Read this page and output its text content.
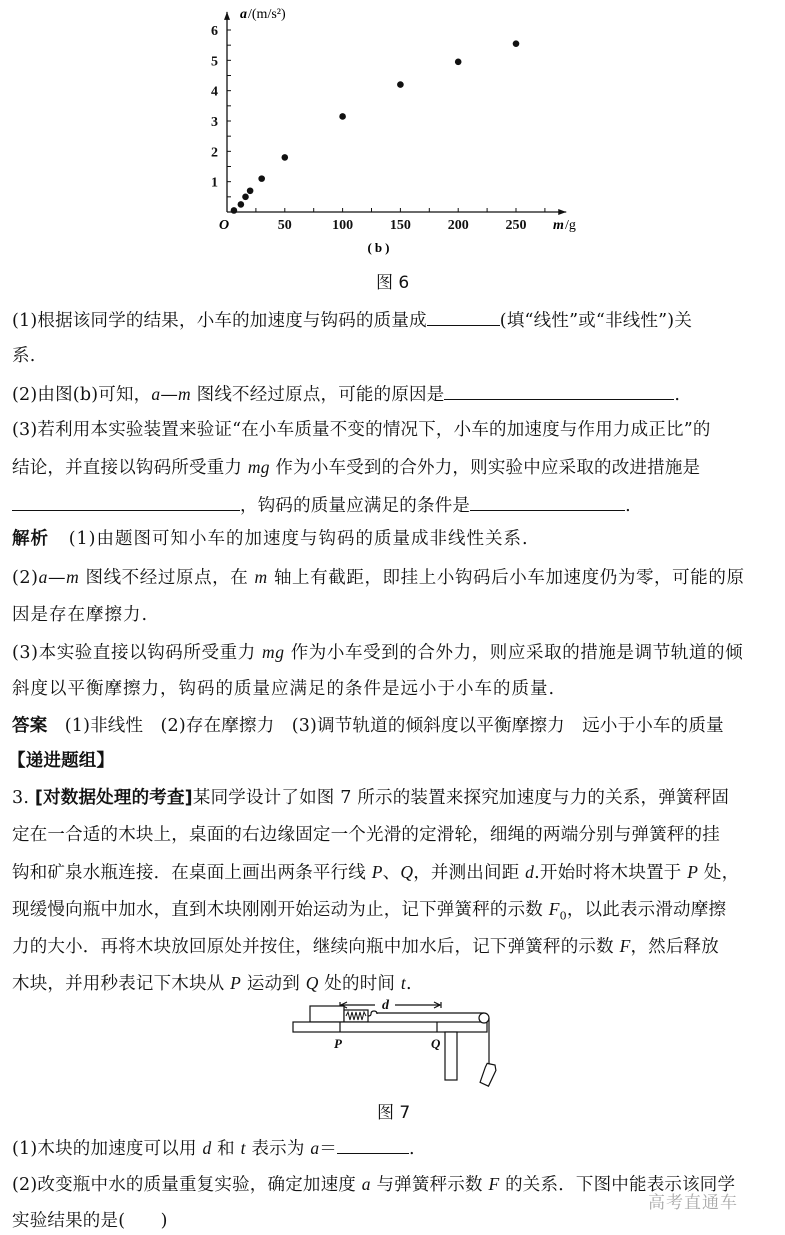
50	100	150	200	250
1
2
3
4
5
6
a /(m/s²)
m /g
O
(b)
图 6
(1)根据该同学的结果，小车的加速度与钩码的质量成	(填“线性”或“非线性”)关
系.
(2)由图(b)可知，a—m 图线不经过原点，可能的原因是	.
(3)若利用本实验装置来验证“在小车质量不变的情况下，小车的加速度与作用力成正比”的
结论，并直接以钩码所受重力 mg 作为小车受到的合外力，则实验中应采取的改进措施是
，钩码的质量应满足的条件是	.
解析 (1)由题图可知小车的加速度与钩码的质量成非线性关系.
(2)a—m 图线不经过原点，在 m 轴上有截距，即挂上小钩码后小车加速度仍为零，可能的原
因是存在摩擦力.
(3)本实验直接以钩码所受重力 mg 作为小车受到的合外力，则应采取的措施是调节轨道的倾
斜度以平衡摩擦力，钩码的质量应满足的条件是远小于小车的质量.
答案 (1)非线性 (2)存在摩擦力 (3)调节轨道的倾斜度以平衡摩擦力 远小于小车的质量
【递进题组】
3. [对数据处理的考查]某同学设计了如图 7 所示的装置来探究加速度与力的关系，弹簧秤固
定在一合适的木块上，桌面的右边缘固定一个光滑的定滑轮，细绳的两端分别与弹簧秤的挂
钩和矿泉水瓶连接．在桌面上画出两条平行线 P、Q，并测出间距 d.开始时将木块置于 P 处，
现缓慢向瓶中加水，直到木块刚刚开始运动为止，记下弹簧秤的示数 $F_0$，以此表示滑动摩擦
力的大小．再将木块放回原处并按住，继续向瓶中加水后，记下弹簧秤的示数 F，然后释放
木块，并用秒表记下木块从 P 运动到 Q 处的时间 t.
d
P	Q
图 7
(1)木块的加速度可以用 d 和 t 表示为 a＝	.
(2)改变瓶中水的质量重复实验，确定加速度 a 与弹簧秤示数 F 的关系．下图中能表示该同学
实验结果的是(　　)
高考直通车
